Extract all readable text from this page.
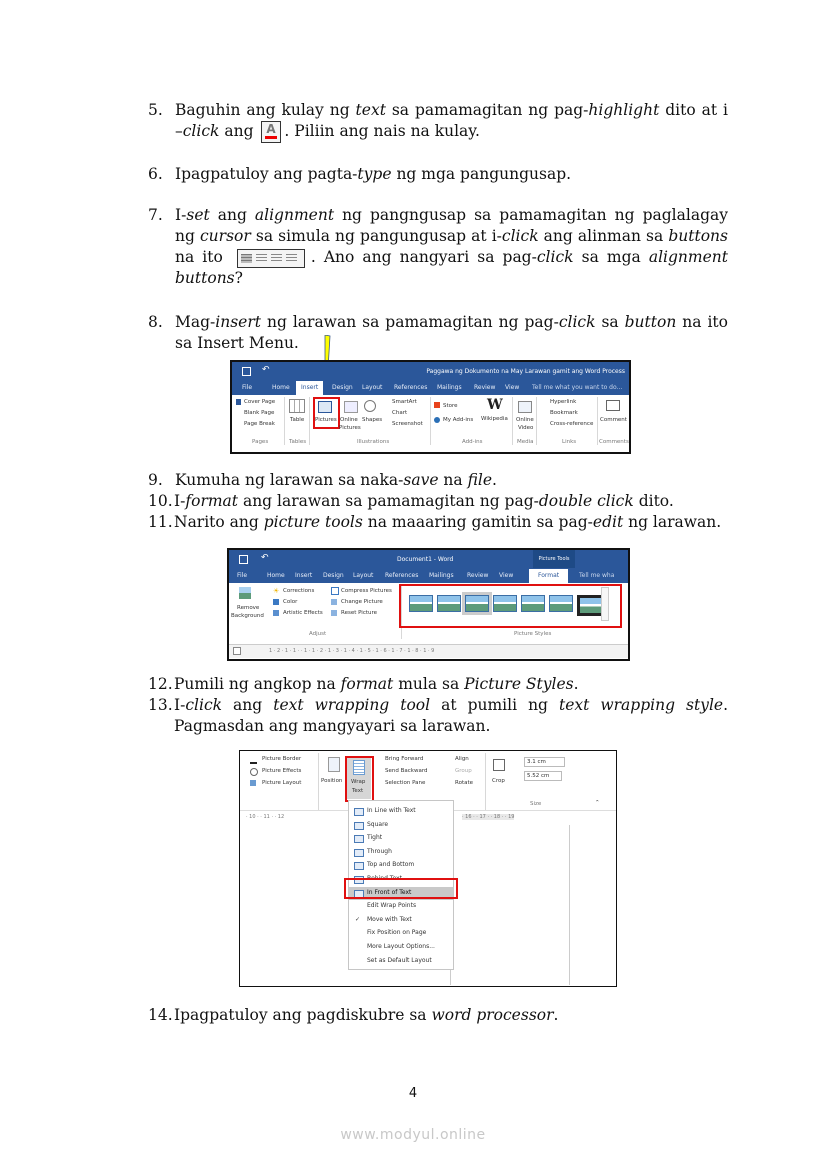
5. Baguhin ang kulay ng text sa pamamagitan ng pag-highlight dito at i –click ang A . Piliin ang nais na kulay.
6. Ipagpatuloy ang pagta-type ng mga pangungusap.
7. I-set ang alignment ng pangngusap sa pamamagitan ng paglalagay ng cursor sa simula ng pangungusap at i-click ang alinman sa buttons na ito	. Ano ang nangyari sa pag-click sa mga alignment buttons?
8. Mag-insert ng larawan sa pamamagitan ng pag-click sa button na ito sa Insert Menu.
↶	Paggawa ng Dokumento na May Larawan gamit ang Word Process
File	Home	Insert	Design Layout References Mailings Review View Tell me what you want to do...
Cover Page
Blank Page
Page Break
Pages
Table
Tables
Pictures Online
Pictures
Shapes
SmartArt
Chart
Screenshot
Illustrations
Store
My Add-ins
W
Wikipedia
Add-ins
Online
Video
Media
Hyperlink
Bookmark
Cross-reference
Links
Comment
Comments
9. Kumuha ng larawan sa naka-save na file.
10. I-format ang larawan sa pamamagitan ng pag-double click dito.
11. Narito ang picture tools na maaaring gamitin sa pag-edit ng larawan.
↶	Document1 - Word	Picture Tools
File	Home Insert Design Layout References Mailings Review View	Format	Tell me wha
Remove
Background
☀ Corrections
Color
Artistic Effects
Compress Pictures
Change Picture
Reset Picture
Adjust	Picture Styles
1 · 2 · 1 · 1 · · 1 · 1 · 2 · 1 · 3 · 1 · 4 · 1 · 5 · 1 · 6 · 1 · 7 · 1 · 8 · 1 · 9
12. Pumili ng angkop na format mula sa Picture Styles.
13. I-click ang text wrapping tool at pumili ng text wrapping style. Pagmasdan ang mangyayari sa larawan.
Picture Border
Picture Effects
Picture Layout	Position Wrap
Text
Bring Forward
Send Backward
Selection Pane
Align
Group
Rotate	Crop
3.1 cm
5.52 cm
Size	⌃
· 10 · · 11 · · 12	· 16 · · 17 · · 18 · · 19
In Line with Text
Square
Tight
Through
Top and Bottom
Behind Text
In Front of Text
Edit Wrap Points
✓ Move with Text
Fix Position on Page
More Layout Options...
Set as Default Layout
14. Ipagpatuloy ang pagdiskubre sa word processor.
4
www.modyul.online
